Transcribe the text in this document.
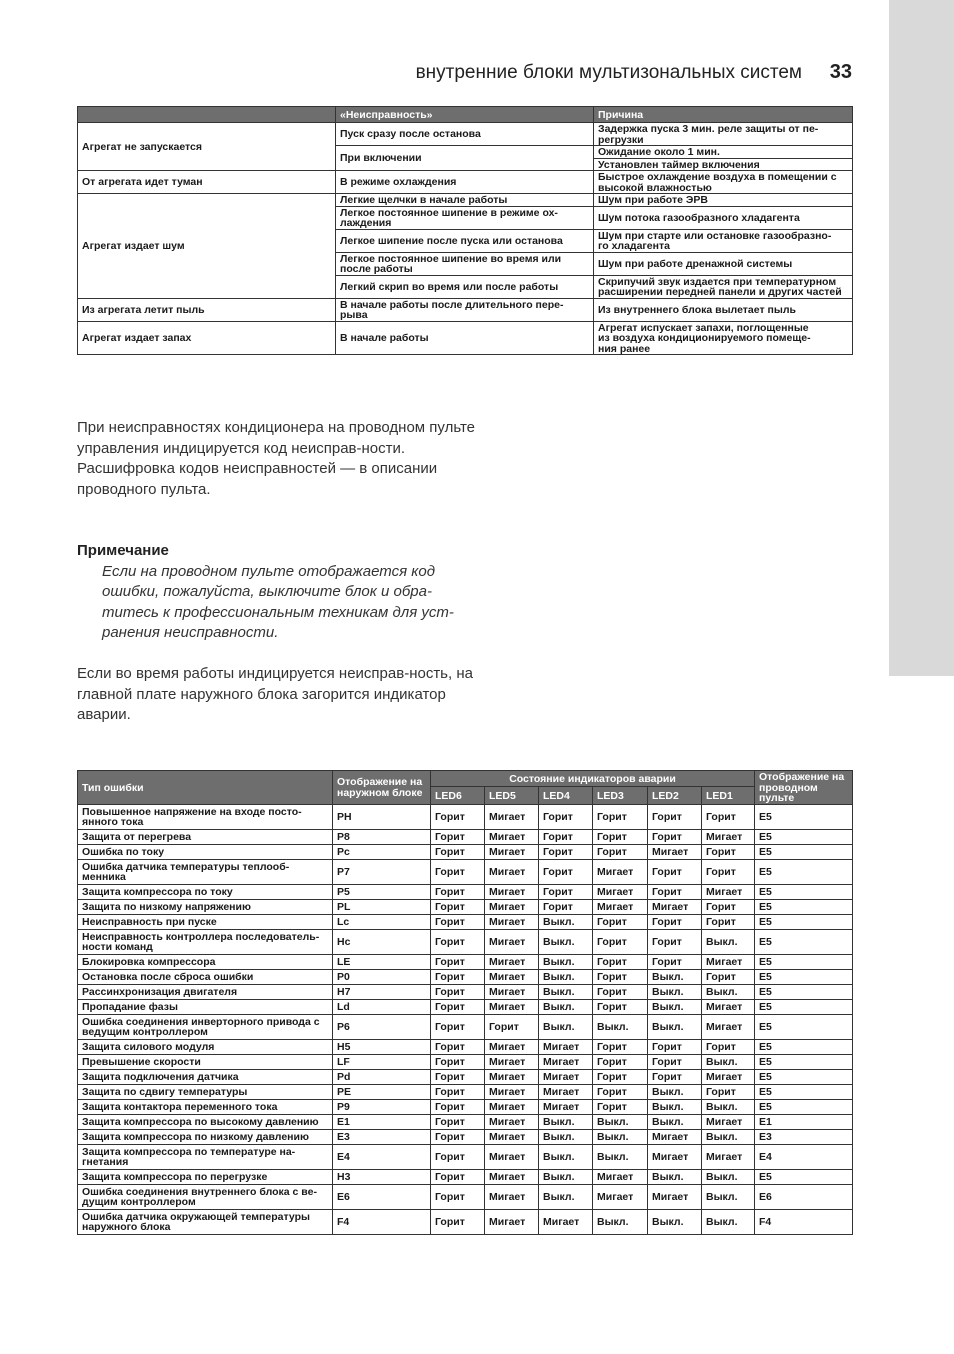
внутренние блоки мультизональных систем 33
	«Неисправность»	Причина
Агрегат не запускается	Пуск сразу после останова	Задержка пуска 3 мин. реле защиты от пе-
регрузки
	При включении	Ожидание около 1 мин.
		Установлен таймер включения
От агрегата идет туман	В режиме охлаждения	Быстрое охлаждение воздуха в помещении с
высокой влажностью
Агрегат издает шум	Легкие щелчки в начале работы	Шум при работе ЭРВ
	Легкое постоянное шипение в режиме ох-
лаждения	Шум потока газообразного хладагента
	Легкое шипение после пуска или останова	Шум при старте или остановке газообразно-
го хладагента
	Легкое постоянное шипение во время или
после работы	Шум при работе дренажной системы
	Легкий скрип во время или после работы	Скрипучий звук издается при температурном
расширении передней панели и других частей
Из агрегата летит пыль	В начале работы после длительного пере-
рыва	Из внутреннего блока вылетает пыль
Агрегат издает запах	В начале работы	Агрегат испускает запахи, поглощенные
из воздуха кондиционируемого помеще-
ния ранее
При неисправностях кондиционера на проводном пульте управления индицируется код неисправ-ности.
Расшифровка кодов неисправностей — в описании проводного пульта.
Примечание
Если на проводном пульте отображается код ошибки, пожалуйста, выключите блок и обра-титесь к профессиональным техникам для уст-ранения неисправности.
Если во время работы индицируется неисправ-ность, на главной плате наружного блока загорится индикатор аварии.
Тип ошибки	Отображение на наружном блоке	Состояние индикаторов аварии						Отображение на проводном пульте
		LED6	LED5	LED4	LED3	LED2	LED1	
Повышенное напряжение на входе посто-
янного тока	PH	Горит	Мигает	Горит	Горит	Горит	Горит	E5
Защита от перегрева	P8	Горит	Мигает	Горит	Горит	Горит	Мигает	E5
Ошибка по току	Pc	Горит	Мигает	Горит	Горит	Мигает	Горит	E5
Ошибка датчика температуры теплооб-
менника	P7	Горит	Мигает	Горит	Мигает	Горит	Горит	E5
Защита компрессора по току	P5	Горит	Мигает	Горит	Мигает	Горит	Мигает	E5
Защита по низкому напряжению	PL	Горит	Мигает	Горит	Мигает	Мигает	Горит	E5
Неисправность при пуске	Lc	Горит	Мигает	Выкл.	Горит	Горит	Горит	E5
Неисправность контроллера последователь-
ности команд	Hc	Горит	Мигает	Выкл.	Горит	Горит	Выкл.	E5
Блокировка компрессора	LE	Горит	Мигает	Выкл.	Горит	Горит	Мигает	E5
Остановка после сброса ошибки	P0	Горит	Мигает	Выкл.	Горит	Выкл.	Горит	E5
Рассинхронизация двигателя	H7	Горит	Мигает	Выкл.	Горит	Выкл.	Выкл.	E5
Пропадание фазы	Ld	Горит	Мигает	Выкл.	Горит	Выкл.	Мигает	E5
Ошибка соединения инверторного привода с
ведущим контроллером	P6	Горит	Горит	Выкл.	Выкл.	Выкл.	Мигает	E5
Защита силового модуля	H5	Горит	Мигает	Мигает	Горит	Горит	Горит	E5
Превышение скорости	LF	Горит	Мигает	Мигает	Горит	Горит	Выкл.	E5
Защита подключения датчика	Pd	Горит	Мигает	Мигает	Горит	Горит	Мигает	E5
Защита по сдвигу температуры	PE	Горит	Мигает	Мигает	Горит	Выкл.	Горит	E5
Защита контактора переменного тока	P9	Горит	Мигает	Мигает	Горит	Выкл.	Выкл.	E5
Защита компрессора по высокому давлению	E1	Горит	Мигает	Выкл.	Выкл.	Выкл.	Мигает	E1
Защита компрессора по низкому давлению	E3	Горит	Мигает	Выкл.	Выкл.	Мигает	Выкл.	E3
Защита компрессора по температуре на-
гнетания	E4	Горит	Мигает	Выкл.	Выкл.	Мигает	Мигает	E4
Защита компрессора по перегрузке	H3	Горит	Мигает	Выкл.	Мигает	Выкл.	Выкл.	E5
Ошибка соединения внутреннего блока с ве-
дущим контроллером	E6	Горит	Мигает	Выкл.	Мигает	Мигает	Выкл.	E6
Ошибка датчика окружающей температуры
наружного блока	F4	Горит	Мигает	Мигает	Выкл.	Выкл.	Выкл.	F4
